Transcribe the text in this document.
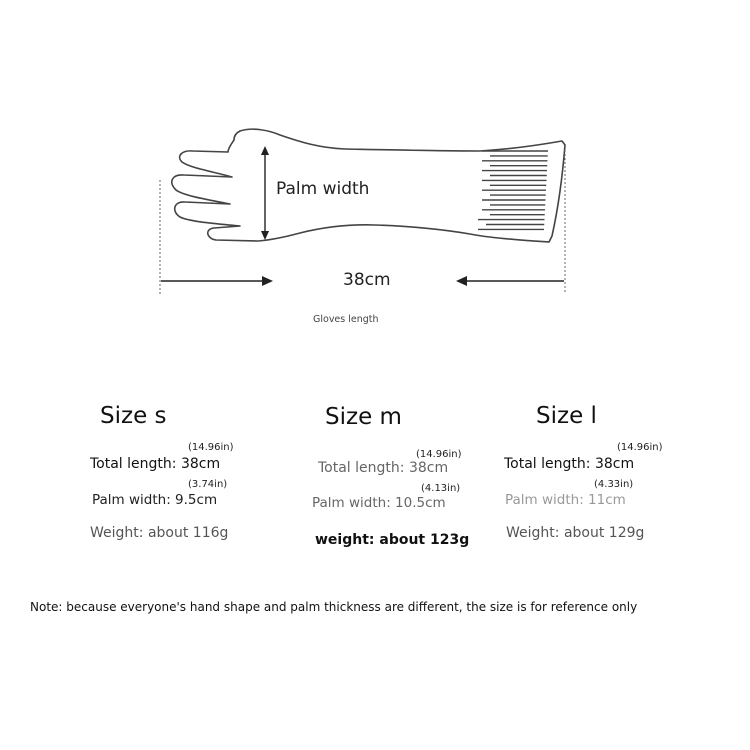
Palm width
38cm
Gloves length
Size s
(14.96in)
Total length: 38cm
(3.74in)
Palm width: 9.5cm
Weight: about 116g
Size m
(14.96in)
Total length: 38cm
(4.13in)
Palm width: 10.5cm
weight: about 123g
Size l
(14.96in)
Total length: 38cm
(4.33in)
Palm width: 11cm
Weight: about 129g
Note: because everyone's hand shape and palm thickness are different, the size is for reference only
